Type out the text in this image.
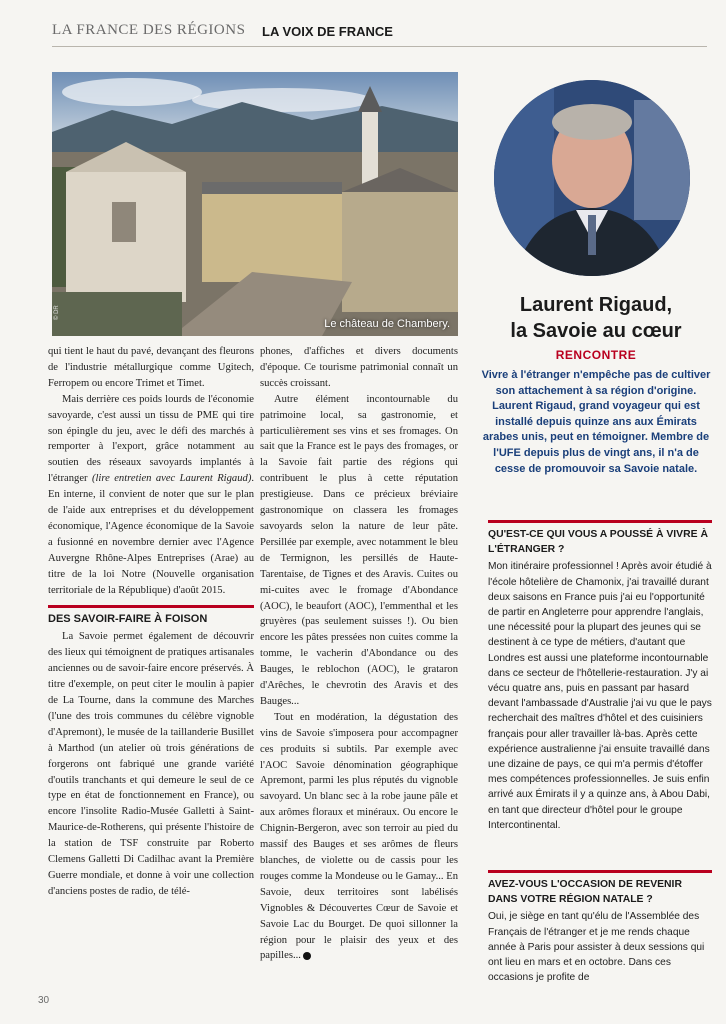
LA FRANCE DES RÉGIONS LA VOIX DE FRANCE
© DR
Le château de Chambery.

qui tient le haut du pavé, devançant des fleurons de l'industrie métallurgique comme Ugitech, Ferropem ou encore Trimet et Timet.

Mais derrière ces poids lourds de l'économie savoyarde, c'est aussi un tissu de PME qui tire son épingle du jeu, avec le défi des marchés à remporter à l'export, grâce notamment au soutien des réseaux savoyards implantés à l'étranger (lire entretien avec Laurent Rigaud). En interne, il convient de noter que sur le plan de l'aide aux entreprises et du développement économique, l'Agence économique de la Savoie a fusionné en novembre dernier avec l'Agence Auvergne Rhône-Alpes Entreprises (Arae) au titre de la loi Notre (Nouvelle organisation territoriale de la République) d'août 2015.

DES SAVOIR-FAIRE À FOISON

La Savoie permet également de découvrir des lieux qui témoignent de pratiques artisanales anciennes ou de savoir-faire encore préservés. À titre d'exemple, on peut citer le moulin à papier de La Tourne, dans la commune des Marches (l'une des trois communes du célèbre vignoble d'Apremont), le musée de la taillanderie Busillet à Marthod (un atelier où trois générations de forgerons ont fabriqué une grande variété d'outils tranchants et qui demeure le seul de ce type en état de fonctionnement en France), ou encore l'insolite Radio-Musée Galletti à Saint-Maurice-de-Rotherens, qui présente l'histoire de la station de TSF construite par Roberto Clemens Galletti Di Cadilhac avant la Première Guerre mondiale, et donne à voir une collection d'anciens postes de radio, de télé-

phones, d'affiches et divers documents d'époque. Ce tourisme patrimonial connaît un succès croissant.

Autre élément incontournable du patrimoine local, sa gastronomie, et particulièrement ses vins et ses fromages. On sait que la France est le pays des fromages, or la Savoie fait partie des régions qui contribuent le plus à cette réputation prestigieuse. Dans ce précieux bréviaire gastronomique on classera les fromages savoyards selon la nature de leur pâte. Persillée par exemple, avec notamment le bleu de Termignon, les persillés de Haute-Tarentaise, de Tignes et des Aravis. Cuites ou mi-cuites avec le fromage d'Abondance (AOC), le beaufort (AOC), l'emmenthal et les gruyères (pas seulement suisses !). Ou bien encore les pâtes pressées non cuites comme la tomme, le vacherin d'Abondance ou des Bauges, le reblochon (AOC), le grataron d'Arêches, le chevrotin des Aravis et des Bauges...

Tout en modération, la dégustation des vins de Savoie s'imposera pour accompagner ces produits si subtils. Par exemple avec l'AOC Savoie dénomination géographique Apremont, parmi les plus réputés du vignoble savoyard. Un blanc sec à la robe jaune pâle et aux arômes floraux et minéraux. Ou encore le Chignin-Bergeron, avec son terroir au pied du massif des Bauges et ses arômes de fleurs blanches, de violette ou de cassis pour les rouges comme la Mondeuse ou le Gamay... En Savoie, deux territoires sont labélisés Vignobles & Découvertes Cœur de Savoie et Savoie Lac du Bourget. De quoi sillonner la région pour le plaisir des yeux et des papilles...

Laurent Rigaud,
la Savoie au cœur
RENCONTRE
Vivre à l'étranger n'empêche pas de cultiver son attachement à sa région d'origine. Laurent Rigaud, grand voyageur qui est installé depuis quinze ans aux Émirats arabes unis, peut en témoigner. Membre de l'UFE depuis plus de vingt ans, il n'a de cesse de promouvoir sa Savoie natale.
QU'EST-CE QUI VOUS A POUSSÉ À VIVRE À L'ÉTRANGER ?

Mon itinéraire professionnel ! Après avoir étudié à l'école hôtelière de Chamonix, j'ai travaillé durant deux saisons en France puis j'ai eu l'opportunité de partir en Angleterre pour apprendre l'anglais, une nécessité pour la plupart des jeunes qui se destinent à ce type de métiers, d'autant que Londres est aussi une plateforme incontournable dans ce secteur de l'hôtellerie-restauration. J'y ai vécu quatre ans, puis en passant par hasard devant l'ambassade d'Australie j'ai vu que le pays recherchait des maîtres d'hôtel et des cuisiniers français pour aller travailler là-bas. Après cette expérience australienne j'ai ensuite travaillé dans une dizaine de pays, ce qui m'a permis d'étoffer mes compétences professionnelles. Je suis enfin arrivé aux Émirats il y a quinze ans, à Abou Dabi, en tant que directeur d'hôtel pour le groupe Intercontinental.

AVEZ-VOUS L'OCCASION DE REVENIR DANS VOTRE RÉGION NATALE ?

Oui, je siège en tant qu'élu de l'Assemblée des Français de l'étranger et je me rends chaque année à Paris pour assister à deux sessions qui ont lieu en mars et en octobre. Dans ces occasions je profite de

30
